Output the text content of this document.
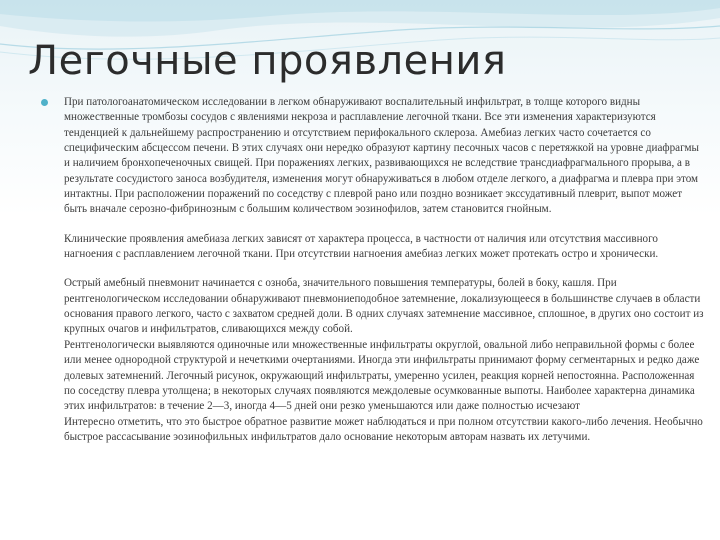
Легочные проявления

При патологоанатомическом исследовании в легком обнаруживают воспалительный инфильтрат, в толще которого видны множественные тромбозы сосудов с явлениями некроза и расплавление легочной ткани. Все эти изменения характеризуются тенденцией к дальнейшему распространению и отсутствием перифокального склероза. Амебиаз легких часто сочетается со специфическим абсцессом печени. В этих случаях они нередко образуют картину песочных часов с перетяжкой на уровне диафрагмы и наличием бронхопеченочных свищей. При поражениях легких, развивающихся не вследствие трансдиафрагмального прорыва, а в результате сосудистого заноса возбудителя, изменения могут обнаруживаться в любом отделе легкого, а диафрагма и плевра при этом интактны. При расположении поражений по соседству с плеврой рано или поздно возникает экссудативный плеврит, выпот может быть вначале серозно-фибринозным с большим количеством эозинофилов, затем становится гнойным.

Клинические проявления амебиаза легких зависят от характера процесса, в частности от наличия или отсутствия массивного нагноения с расплавлением легочной ткани. При отсутствии нагноения амебиаз легких может протекать остро и хронически.

Острый амебный пневмонит начинается с озноба, значительного повышения температуры, болей в боку, кашля. При рентгенологическом исследовании обнаруживают пневмониеподобное затемнение, локализующееся в большинстве случаев в области основания правого легкого, часто с захватом средней доли. В одних случаях затемнение массивное, сплошное, в других оно состоит из крупных очагов и инфильтратов, сливающихся между собой.

Рентгенологически выявляются одиночные или множественные инфильтраты округлой, овальной либо неправильной формы с более или менее однородной структурой и нечеткими очертаниями. Иногда эти инфильтраты принимают форму сегментарных и редко даже долевых затемнений. Легочный рисунок, окружающий инфильтраты, умеренно усилен, реакция корней непостоянна. Расположенная по соседству плевра утолщена; в некоторых случаях появляются междолевые осумкованные выпоты. Наиболее характерна динамика этих инфильтратов: в течение 2—3, иногда 4—5 дней они резко уменьшаются или даже полностью исчезают

Интересно отметить, что это быстрое обратное развитие может наблюдаться и при полном отсутствии какого-либо лечения. Необычно быстрое рассасывание эозинофильных инфильтратов дало основание некоторым авторам назвать их летучими.
